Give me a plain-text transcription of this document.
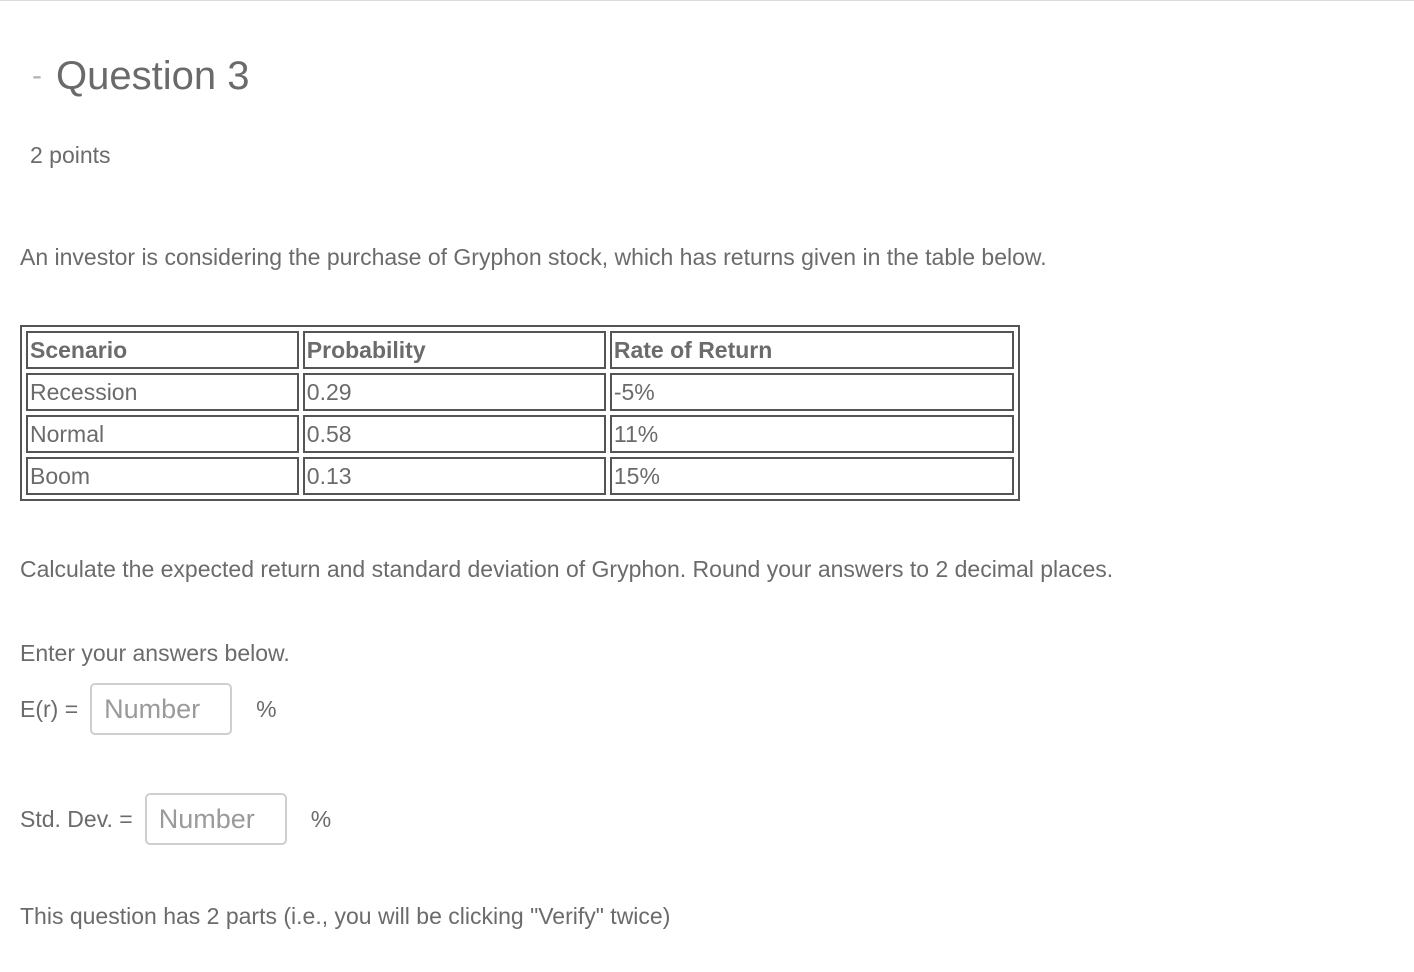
- Question 3
2 points
An investor is considering the purchase of Gryphon stock, which has returns given in the table below.
Scenario	Probability	Rate of Return
Recession	0.29	-5%
Normal	0.58	11%
Boom	0.13	15%
Calculate the expected return and standard deviation of Gryphon. Round your answers to 2 decimal places.
Enter your answers below.
E(r) =
Number	%
Std. Dev. =
Number	%
This question has 2 parts (i.e., you will be clicking "Verify" twice)
